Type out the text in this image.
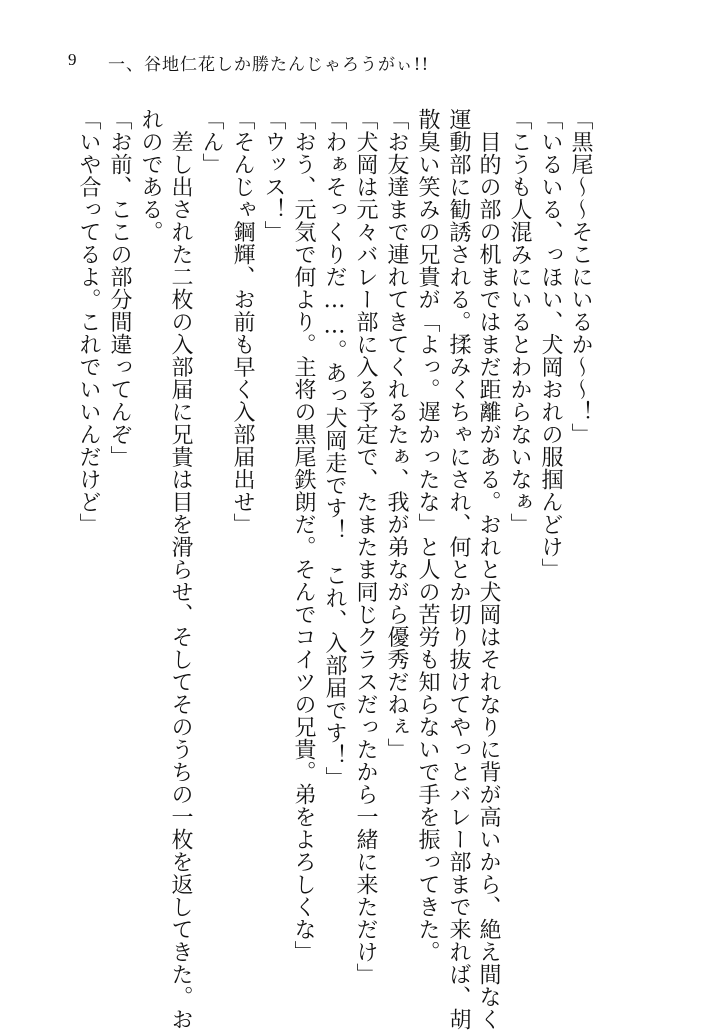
9 一、谷地仁花しか勝たんじゃろうがぃ!!
「黒尾〜〜そこにいるか〜〜！」
「いるいる、っほい、犬岡おれの服掴んどけ」
「こうも人混みにいるとわからないなぁ」
　目的の部の机まではまだ距離がある。おれと犬岡はそれなりに背が高いから、絶え間なく
運動部に勧誘される。揉みくちゃにされ、何とか切り抜けてやっとバレー部まで来れば、胡
散臭い笑みの兄貴が「よっ。遅かったな」と人の苦労も知らないで手を振ってきた。
「お友達まで連れてきてくれるたぁ、我が弟ながら優秀だねぇ」
「犬岡は元々バレー部に入る予定で、たまたま同じクラスだったから一緒に来ただけ」
「わぁそっくりだ……。あっ犬岡走です！　これ、入部届です！」
「おう、元気で何より。主将の黒尾鉄朗だ。そんでコイツの兄貴。弟をよろしくな」
「ウッス！」
「そんじゃ鋼輝、お前も早く入部届出せ」
「ん」
　差し出された二枚の入部届に兄貴は目を滑らせ、そしてそのうちの一枚を返してきた。お
れのである。
「お前、ここの部分間違ってんぞ」
「いや合ってるよ。これでいいんだけど」
